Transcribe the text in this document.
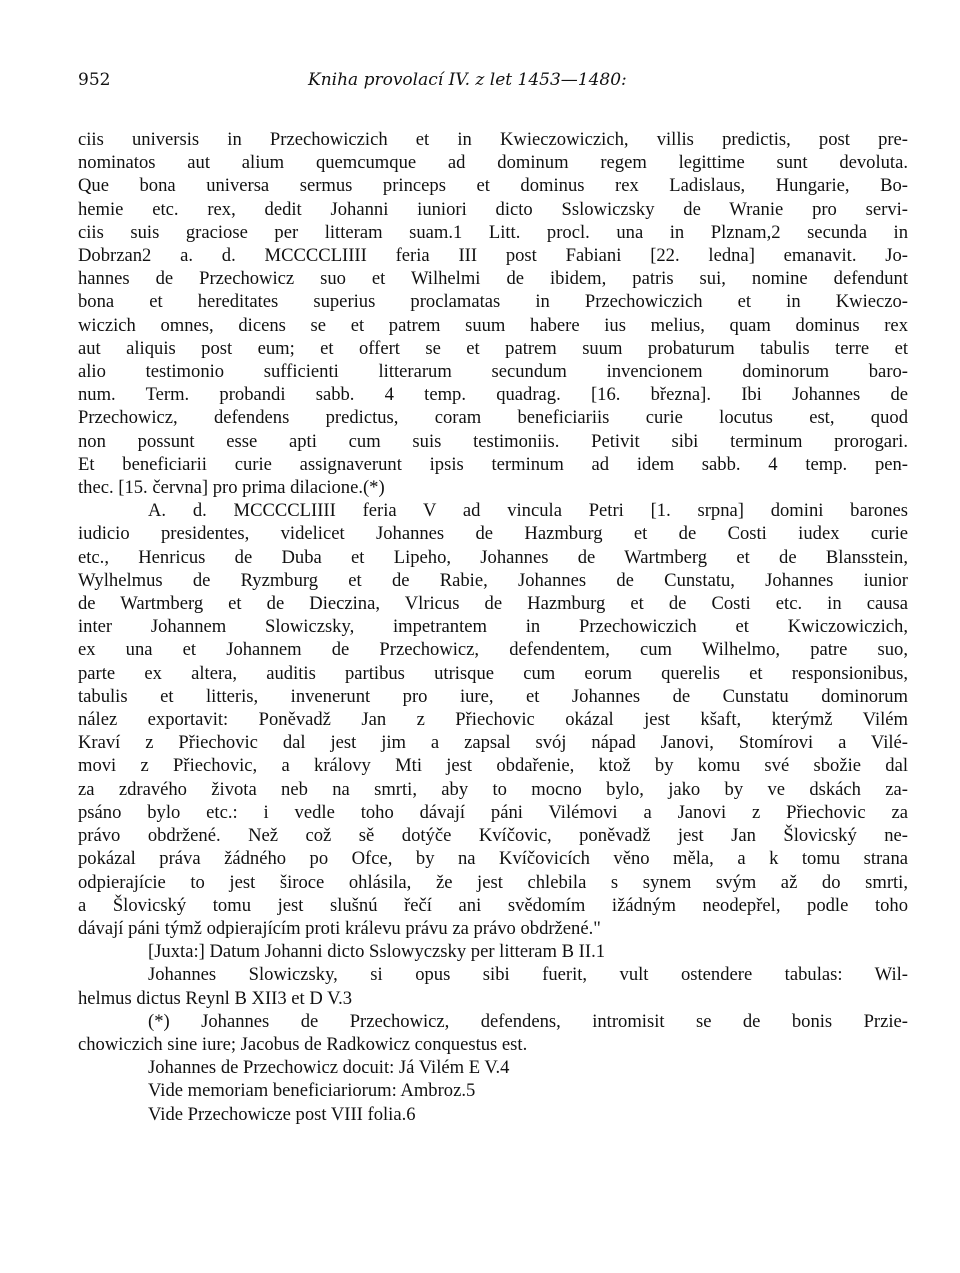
952	Kniha provolací IV. z let 1453—1480:
ciis universis in Przechowiczich et in Kwieczowiczich, villis predictis, post pre-
nominatos aut alium quemcumque ad dominum regem legittime sunt devoluta.
Que bona universa sermus princeps et dominus rex Ladislaus, Hungarie, Bo-
hemie etc. rex, dedit Johanni iuniori dicto Sslowiczsky de Wranie pro servi-
ciis suis graciose per litteram suam.1 Litt. procl. una in Plznam,2 secunda in
Dobrzan2 a. d. MCCCCLIIII feria III post Fabiani [22. ledna] emanavit. Jo-
hannes de Przechowicz suo et Wilhelmi de ibidem, patris sui, nomine defendunt
bona et hereditates superius proclamatas in Przechowiczich et in Kwieczo-
wiczich omnes, dicens se et patrem suum habere ius melius, quam dominus rex
aut aliquis post eum; et offert se et patrem suum probaturum tabulis terre et
alio testimonio sufficienti litterarum secundum invencionem dominorum baro-
num. Term. probandi sabb. 4 temp. quadrag. [16. března]. Ibi Johannes de
Przechowicz, defendens predictus, coram beneficiariis curie locutus est, quod
non possunt esse apti cum suis testimoniis. Petivit sibi terminum prorogari.
Et beneficiarii curie assignaverunt ipsis terminum ad idem sabb. 4 temp. pen-
thec. [15. června] pro prima dilacione.(*)
A. d. MCCCCLIIII feria V ad vincula Petri [1. srpna] domini barones
iudicio presidentes, videlicet Johannes de Hazmburg et de Costi iudex curie
etc., Henricus de Duba et Lipeho, Johannes de Wartmberg et de Blansstein,
Wylhelmus de Ryzmburg et de Rabie, Johannes de Cunstatu, Johannes iunior
de Wartmberg et de Dieczina, Vlricus de Hazmburg et de Costi etc. in causa
inter Johannem Slowiczsky, impetrantem in Przechowiczich et Kwiczowiczich,
ex una et Johannem de Przechowicz, defendentem, cum Wilhelmo, patre suo,
parte ex altera, auditis partibus utrisque cum eorum querelis et responsionibus,
tabulis et litteris, invenerunt pro iure, et Johannes de Cunstatu dominorum
nález exportavit: Poněvadž Jan z Přiechovic okázal jest kšaft, kterýmž Vilém
Kraví z Přiechovic dal jest jim a zapsal svój nápad Janovi, Stomírovi a Vilé-
movi z Přiechovic, a královy Mti jest obdařenie, ktož by komu své sbožie dal
za zdravého života neb na smrti, aby to mocno bylo, jako by ve dskách za-
psáno bylo etc.: i vedle toho dávají páni Vilémovi a Janovi z Přiechovic za
právo obdržené. Než což sě dotýče Kvíčovic, poněvadž jest Jan Šlovicský ne-
pokázal práva žádného po Ofce, by na Kvíčovicích věno měla, a k tomu strana
odpierajície to jest široce ohlásila, že jest chlebila s synem svým až do smrti,
a Šlovicský tomu jest slušnú řečí ani svědomím ižádným neodepřel, podle toho
dávají páni týmž odpierajícím proti králevu právu za právo obdržené."
[Juxta:] Datum Johanni dicto Sslowyczsky per litteram B II.1
Johannes Slowiczsky, si opus sibi fuerit, vult ostendere tabulas: Wil-
helmus dictus Reynl B XII3 et D V.3
(*) Johannes de Przechowicz, defendens, intromisit se de bonis Przie-
chowiczich sine iure; Jacobus de Radkowicz conquestus est.
Johannes de Przechowicz docuit: Já Vilém E V.4
Vide memoriam beneficiariorum: Ambroz.5
Vide Przechowicze post VIII folia.6
